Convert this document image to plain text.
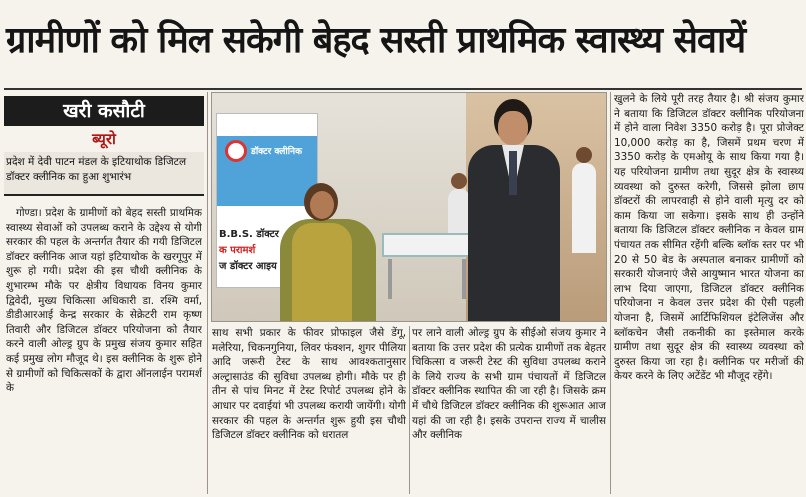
ग्रामीणों को मिल सकेगी बेहद सस्ती प्राथमिक स्वास्थ्य सेवायें
खरी कसौटी
ब्यूरो
प्रदेश में देवी पाटन मंडल के इटियाथोक डिजिटल डॉक्टर क्लीनिक का हुआ शुभारंभ

गोण्डा। प्रदेश के ग्रामीणों को बेहद सस्ती प्राथमिक स्वास्थ्य सेवाओं को उपलब्ध कराने के उद्देश्य से योगी सरकार की पहल के अन्तर्गत तैयार की गयी डिजिटल डॉक्टर क्लीनिक आज यहां इटियाथोक के खरगूपुर में शुरू हो गयी। प्रदेश की इस चौथी क्लीनिक के शुभारम्भ मौके पर क्षेत्रीय विधायक विनय कुमार द्विवेदी, मुख्य चिकित्सा अधिकारी डा. रश्मि वर्मा, डीडीआरआई केन्द्र सरकार के सेक्रेटरी राम कृष्ण तिवारी और डिजिटल डॉक्टर परियोजना को तैयार करने वाली ओल्ड्र ग्रुप के प्रमुख संजय कुमार सहित कई प्रमुख लोग मौजूद थे। इस क्लीनिक के शुरू होने से ग्रामीणों को चिकित्सकों के द्वारा ऑनलाईन परामर्श के

डॉक्टर क्लीनिक
B.B.S. डॉक्टर
क परामर्श
ज डॉक्टर आइय

साथ सभी प्रकार के फीवर प्रोफाइल जैसे डेंगू, मलेरिया, चिकनगुनिया, लिवर फंक्शन, शुगर पीलिया आदि जरूरी टेस्ट के साथ आवश्कतानुसार अल्ट्रासाउंड की सुविधा उपलब्ध होगी। मौके पर ही तीन से पांच मिनट में टेस्ट रिपोर्ट उपलब्ध होने के आधार पर दवाईयां भी उपलब्ध करायी जायेंगी। योगी सरकार की पहल के अन्तर्गत शुरू हुयी इस चौथी डिजिटल डॉक्टर क्लीनिक को धरातल

पर लाने वाली ओल्ड्र ग्रुप के सीईओ संजय कुमार ने बताया कि उत्तर प्रदेश की प्रत्येक ग्रामीणों तक बेहतर चिकित्सा व जरूरी टेस्ट की सुविधा उपलब्ध कराने के लिये राज्य के सभी ग्राम पंचायतों में डिजिटल डॉक्टर क्लीनिक स्थापित की जा रही है। जिसके क्रम में चौथे डिजिटल डॉक्टर क्लीनिक की शुरूआत आज यहां की जा रही है। इसके उपरान्त राज्य में चालीस और क्लीनिक

खुलने के लिये पूरी तरह तैयार है। श्री संजय कुमार ने बताया कि डिजिटल डॉक्टर क्लीनिक परियोजना में होने वाला निवेश 3350 करोड़ है। पूरा प्रोजेक्ट 10,000 करोड़ का है, जिसमें प्रथम चरण में 3350 करोड़ के एमओयू के साथ किया गया है। यह परियोजना ग्रामीण तथा सुदूर क्षेत्र के स्वास्थ्य व्यवस्था को दुरुस्त करेगी, जिससे झोला छाप डॉक्टरों की लापरवाही से होने वाली मृत्यु दर को काम किया जा सकेगा। इसके साथ ही उन्होंने बताया कि डिजिटल डॉक्टर क्लीनिक न केवल ग्राम पंचायत तक सीमित रहेंगी बल्कि ब्लॉक स्तर पर भी 20 से 50 बेड के अस्पताल बनाकर ग्रामीणों को सरकारी योजनाएं जैसे आयुष्मान भारत योजना का लाभ दिया जाएगा, डिजिटल डॉक्टर क्लीनिक परियोजना न केवल उत्तर प्रदेश की ऐसी पहली योजना है, जिसमें आर्टिफिशियल इंटेलिजेंस और ब्लॉकचेन जैसी तकनीकी का इस्तेमाल करके ग्रामीण तथा सुदूर क्षेत्र की स्वास्थ्य व्यवस्था को दुरुस्त किया जा रहा है। क्लीनिक पर मरीजों की केयर करने के लिए अटेंडेंट भी मौजूद रहेंगे।
